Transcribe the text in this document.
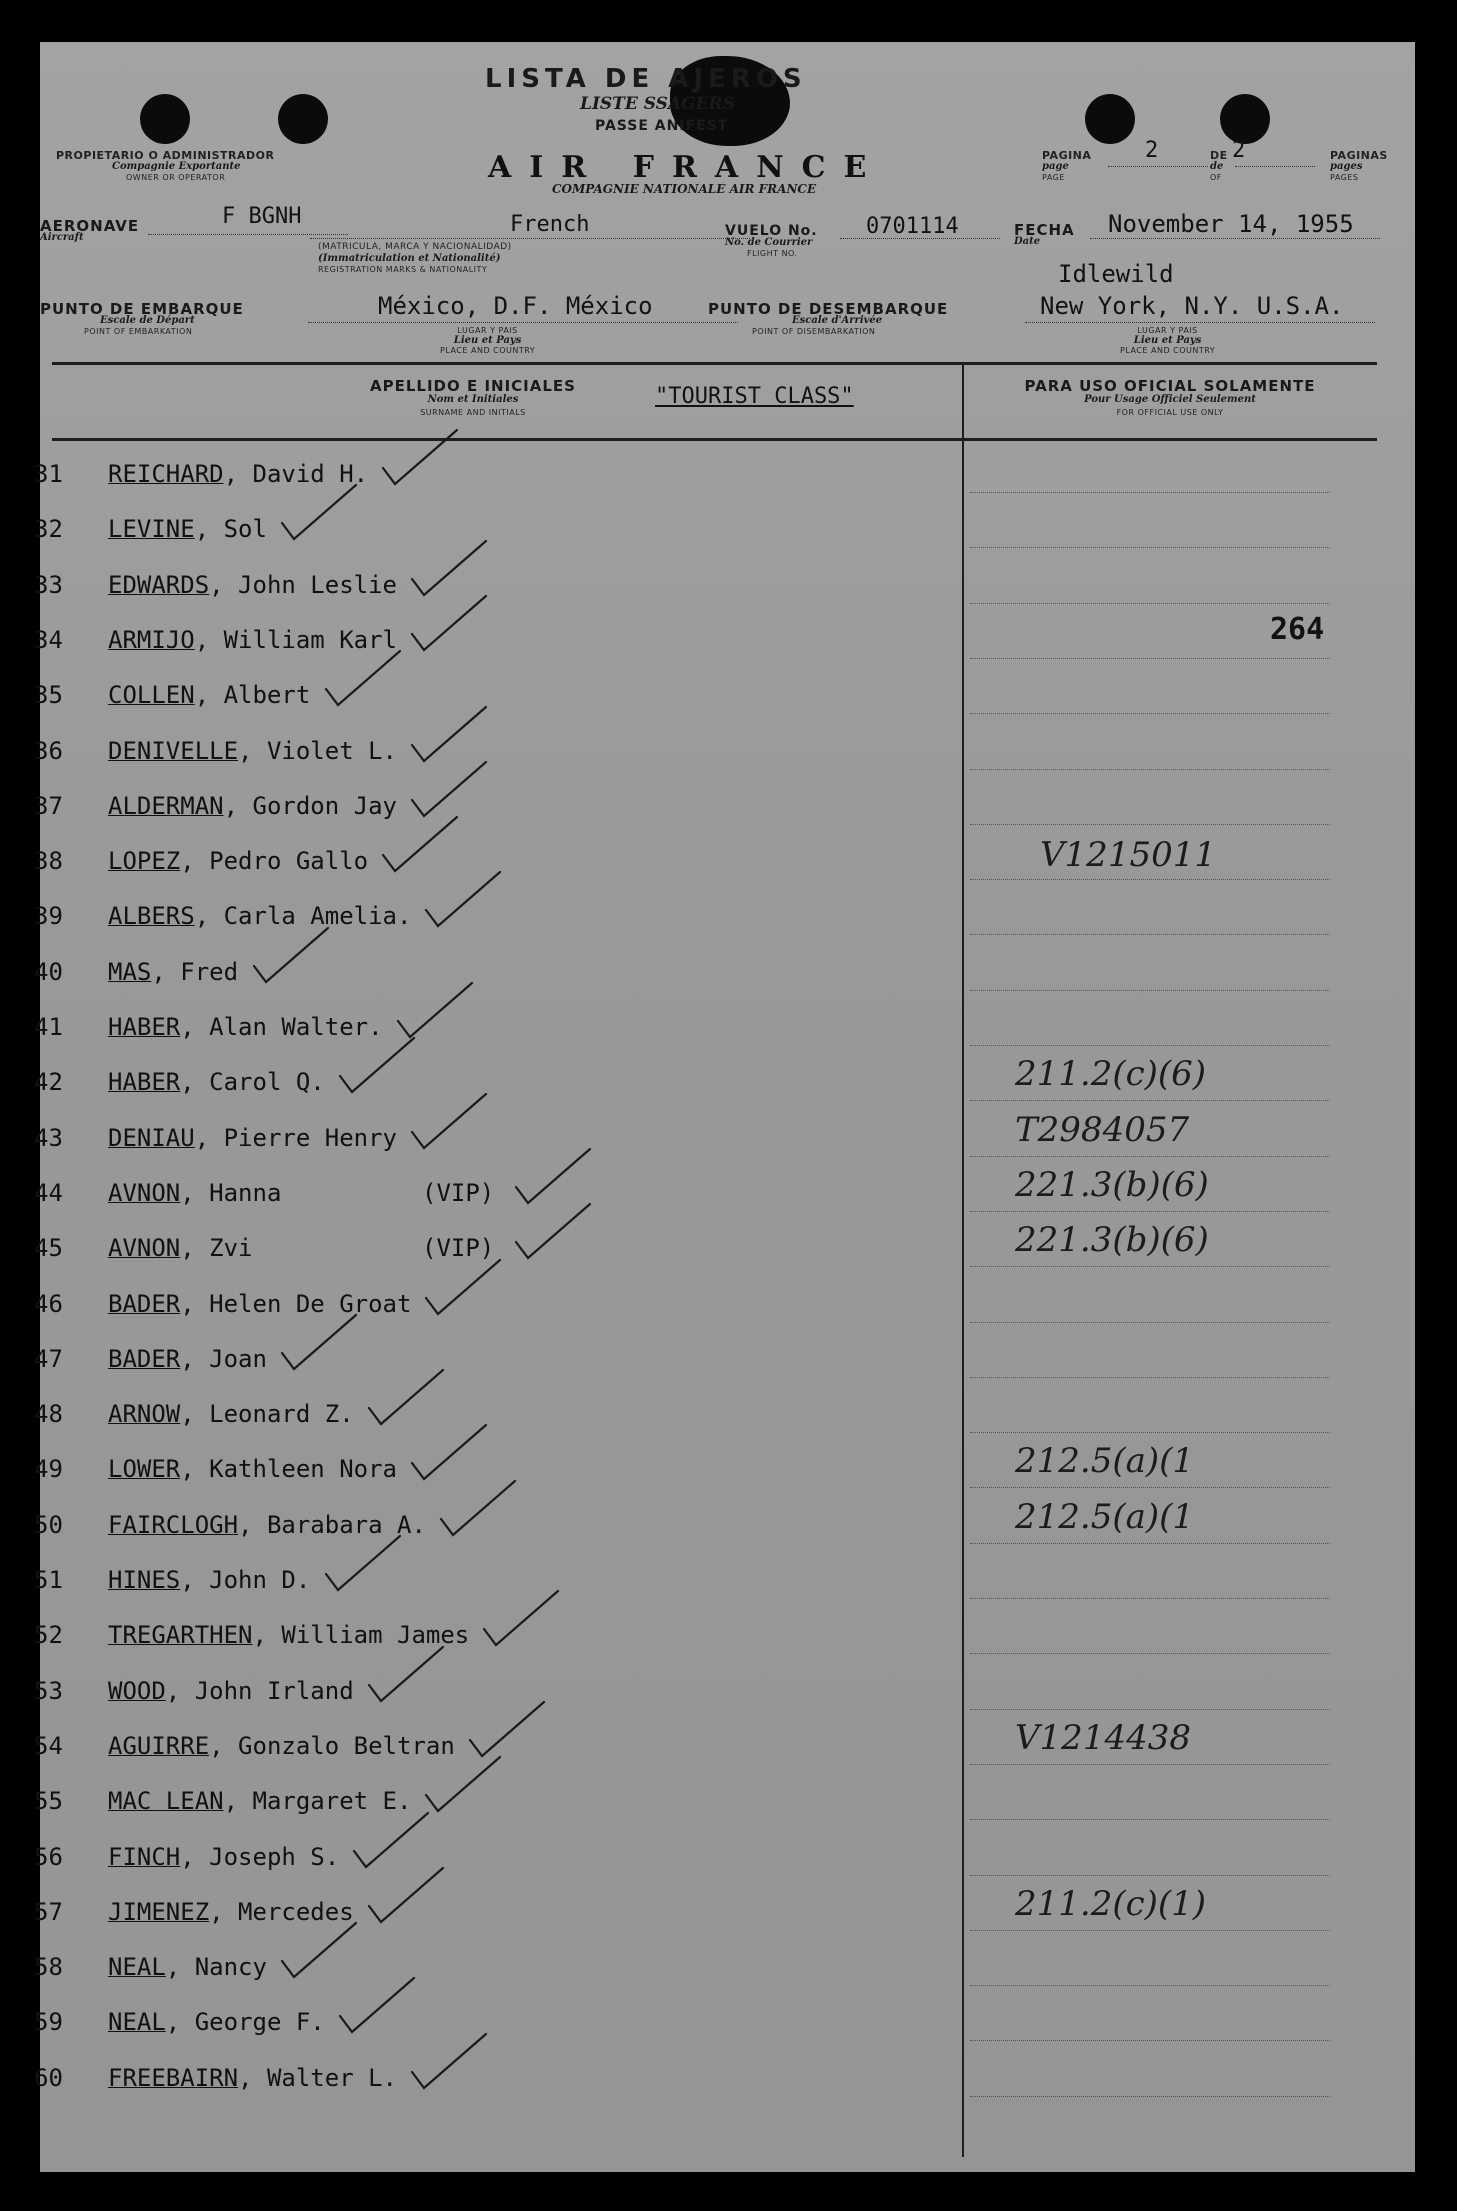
LISTA DE AJEROS
LISTE SSAGERS
PASSE ANIFEST
PROPIETARIO O ADMINISTRADOR
Compagnie Exportante
OWNER OR OPERATOR	AIR FRANCE
COMPAGNIE NATIONALE AIR FRANCE
PAGINA
page
PAGE
2	DE
de
OF
2	PAGINAS
pages
PAGES
AERONAVE
Aircraft
F BGNH	French
(MATRICULA, MARCA Y NACIONALIDAD)
(Immatriculation et Nationalité)
REGISTRATION MARKS & NATIONALITY
VUELO No.
No. de Courrier
FLIGHT NO.
0701114	FECHA
Date
November 14, 1955
PUNTO DE EMBARQUE
Escale de Départ
POINT OF EMBARKATION
México, D.F. México
LUGAR Y PAIS
Lieu et Pays
PLACE AND COUNTRY
PUNTO DE DESEMBARQUE
Escale d'Arrivée
POINT OF DISEMBARKATION
Idlewild
New York, N.Y. U.S.A.
LUGAR Y PAIS
Lieu et Pays
PLACE AND COUNTRY
APELLIDO E INICIALES
Nom et Initiales
SURNAME AND INITIALS
"TOURIST CLASS"	PARA USO OFICIAL SOLAMENTE
Pour Usage Officiel Seulement
FOR OFFICIAL USE ONLY
31 REICHARD, David H.
32 LEVINE, Sol
33 EDWARDS, John Leslie
34 ARMIJO, William Karl	264
35 COLLEN, Albert
36 DENIVELLE, Violet L.
37 ALDERMAN, Gordon Jay
38 LOPEZ, Pedro Gallo	V1215011
39 ALBERS, Carla Amelia.
40 MAS, Fred
41 HABER, Alan Walter.
42 HABER, Carol Q.	211.2(c)(6)
43 DENIAU, Pierre Henry	T2984057
44 AVNON, Hanna	(VIP)	221.3(b)(6)
45 AVNON, Zvi	(VIP)	221.3(b)(6)
46 BADER, Helen De Groat
47 BADER, Joan
48 ARNOW, Leonard Z.
49 LOWER, Kathleen Nora	212.5(a)(1
50 FAIRCLOGH, Barabara A.	212.5(a)(1
51 HINES, John D.
52 TREGARTHEN, William James
53 WOOD, John Irland
54 AGUIRRE, Gonzalo Beltran	V1214438
55 MAC LEAN, Margaret E.
56 FINCH, Joseph S.
57 JIMENEZ, Mercedes	211.2(c)(1)
58 NEAL, Nancy
59 NEAL, George F.
60 FREEBAIRN, Walter L.
